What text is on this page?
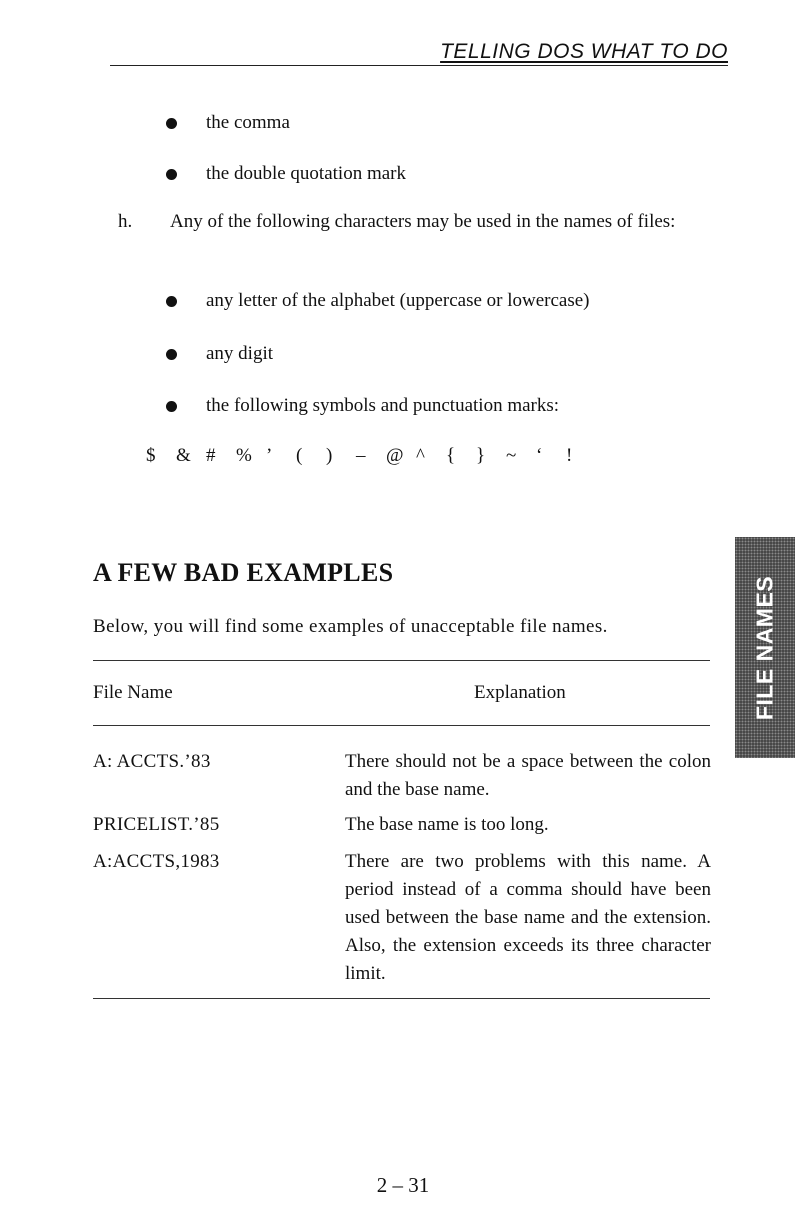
TELLING DOS WHAT TO DO
the comma
the double quotation mark
h. Any of the following characters may be used in the names of files:
any letter of the alphabet (uppercase or lowercase)
any digit
the following symbols and punctuation marks:
$	& #	% ’	(	)	–	@ ^	{	}	~	‘	!
A FEW BAD EXAMPLES
Below, you will find some examples of unacceptable file names.
File Name	Explanation
A: ACCTS.’83	There should not be a space between the colon and the base name.
PRICELIST.’85	The base name is too long.
A:ACCTS,1983	There are two problems with this name. A period instead of a comma should have been used between the base name and the extension. Also, the extension exceeds its three character limit.
FILE NAMES
2 – 31
